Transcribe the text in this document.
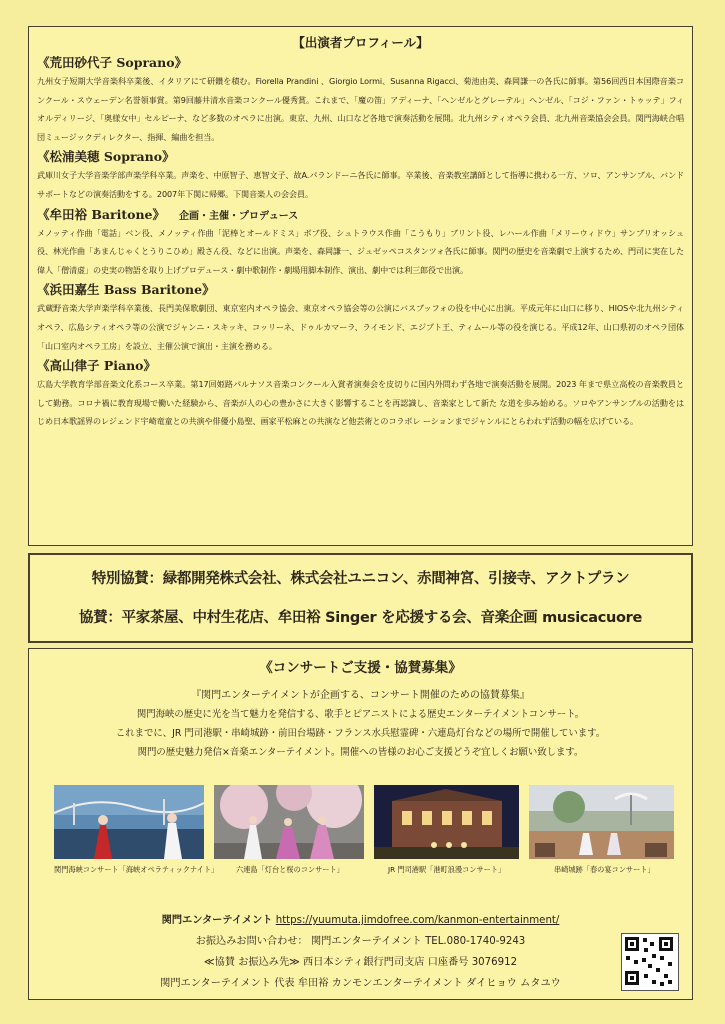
【出演者プロフィール】
《荒田砂代子 Soprano》

九州女子短期大学音楽科卒業後、イタリアにて研鑽を積む。Fiorella Prandini 、Giorgio Lormi、Susanna Rigacci、菊池由美、森岡謙一の各氏に師事。第56回西日本国際音楽コンクール・スウェーデン名誉領事賞。第9回藤井清水音楽コンクール優秀賞。これまで、「魔の笛」アディーナ、「ヘンゼルとグレーテル」ヘンゼル、「コジ・ファン・トゥッテ」フィオルディリージ、「奥様女中」セルピーナ、など多数のオペラに出演。東京、九州、山口など各地で演奏活動を展開。北九州シティオペラ会員、北九州音楽協会会員。関門海峡合唱団ミュージックディレクター、指揮、編曲を担当。

《松浦美穂 Soprano》

武庫川女子大学音楽学部声楽学科卒業。声楽を、中原智子、恵智文子、故A.パランドーニ各氏に師事。卒業後、音楽教室講師として指導に携わる一方、ソロ、アンサンブル、バンドサポートなどの演奏活動をする。2007年下関に帰郷。下関音楽人の会会員。

《牟田裕 Baritone》 企画・主催・プロデュース

メノッティ作曲「電話」ベン役、メノッティ作曲「泥棒とオールドミス」ボブ役、シュトラウス作曲「こうもり」ブリント役、レハール作曲「メリーウィドウ」サンブリオッシュ役、林光作曲「あまんじゃくとうりこひめ」殿さん役、などに出演。声楽を、森岡謙一、ジュゼッペコスタンツォ各氏に師事。関門の歴史を音楽劇で上演するため、門司に実在した偉人「僧清虚」の史実の物語を取り上げプロデュース・劇中歌制作・劇場用脚本制作、演出、劇中では利三郎役で出演。

《浜田嘉生 Bass Baritone》

武蔵野音楽大学声楽学科卒業後、長門美保歌劇団、東京室内オペラ協会、東京オペラ協会等の公演にバスブッフォの役を中心に出演。平成元年に山口に移り、HIOSや北九州シティオペラ、広島シティオペラ等の公演でジャンニ・スキッキ、コッリーネ、ドゥルカマーラ、ライモンド、エジプト王、ティムール等の役を演じる。平成12年、山口県初のオペラ団体「山口室内オペラ工房」を設立、主催公演で演出・主演を務める。

《高山律子 Piano》

広島大学教育学部音楽文化系コース卒業。第17回姫路パルナソス音楽コンクール入賞者演奏会を皮切りに国内外問わず各地で演奏活動を展開。2023 年まで県立高校の音楽教員として勤務。コロナ禍に教育現場で働いた経験から、音楽が人の心の豊かさに大きく影響することを再認識し、音楽家として新た な道を歩み始める。ソロやアンサンブルの活動をはじめ日本歌謡界のレジェンド宇崎竜童との共演や俳優小島聖、画家平松麻との共演など他芸術とのコラボレ ーションまでジャンルにとらわれず活動の幅を広げている。

特別協賛：緑都開発株式会社、株式会社ユニコン、赤間神宮、引接寺、アクトプラン
協賛：平家茶屋、中村生花店、牟田裕 Singer を応援する会、音楽企画 musicacuore
《コンサートご支援・協賛募集》
『関門エンターテイメントが企画する、コンサート開催のための協賛募集』
関門海峡の歴史に光を当て魅力を発信する、歌手とピアニストによる歴史エンターテイメントコンサート。
これまでに、JR 門司港駅・串崎城跡・前田台場跡・フランス水兵慰霊碑・六連島灯台などの場所で開催しています。
関門の歴史魅力発信×音楽エンターテイメント。開催への皆様のお心ご支援どうぞ宜しくお願い致します。
関門海峡コンサート「海峡オペラティックナイト」 六連島「灯台と桜のコンサート」	JR 門司港駅「港町浪漫コンサート」	串崎城跡「春の宴コンサート」
関門エンターテイメント https://yuumuta.jimdofree.com/kanmon-entertainment/
お振込みお問い合わせ： 関門エンターテイメント TEL.080-1740-9243
≪協賛 お振込み先≫ 西日本シティ銀行門司支店 口座番号 3076912
関門エンターテイメント 代表 牟田裕 カンモンエンターテイメント ダイヒョウ ムタユウ
